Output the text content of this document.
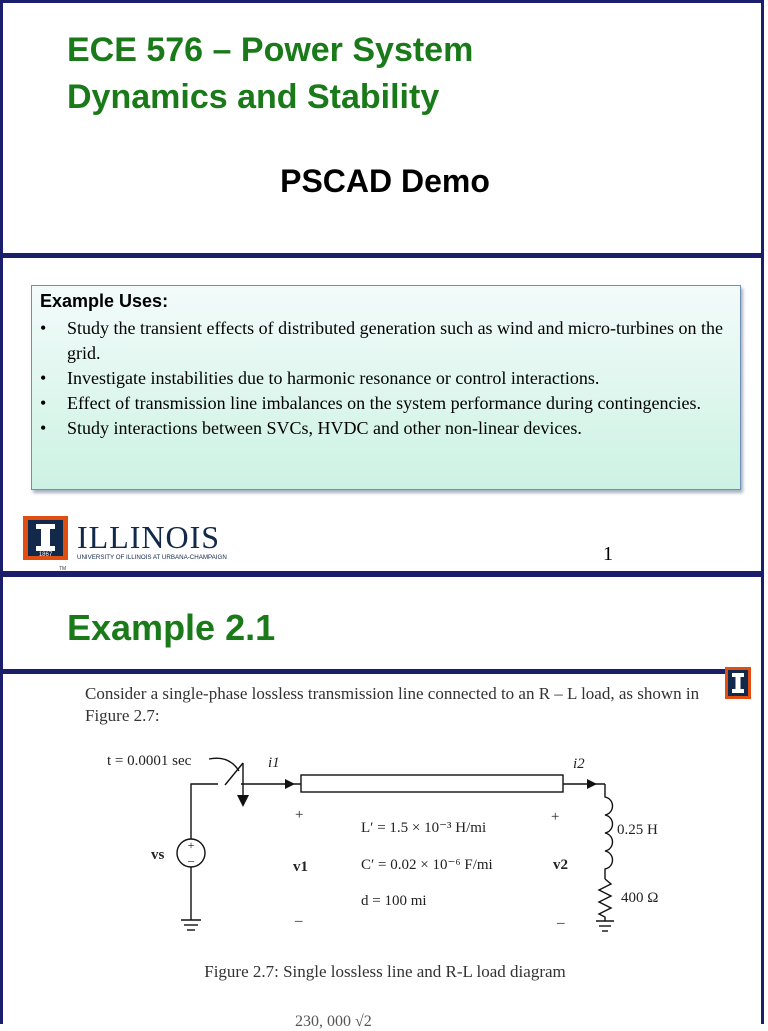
ECE 576 – Power System
Dynamics and Stability
PSCAD Demo
Example Uses:
• Study the transient effects of distributed generation such as wind and micro-turbines on the grid.
• Investigate instabilities due to harmonic resonance or control interactions.
• Effect of transmission line imbalances on the system performance during contingencies.
• Study interactions between SVCs, HVDC and other non-linear devices.
1867 ILLINOIS
UNIVERSITY OF ILLINOIS AT URBANA-CHAMPAIGN
TM
1
Example 2.1
Consider a single-phase lossless transmission line connected to an R – L load, as shown in Figure 2.7:
+
–
t = 0.0001 sec	i1	i2
vs
+
v1
–
+
v2
–
L′ = 1.5 × 10⁻³ H/mi
C′ = 0.02 × 10⁻⁶ F/mi
d = 100 mi
0.25 H
400 Ω
Figure 2.7: Single lossless line and R-L load diagram
230, 000 √2
